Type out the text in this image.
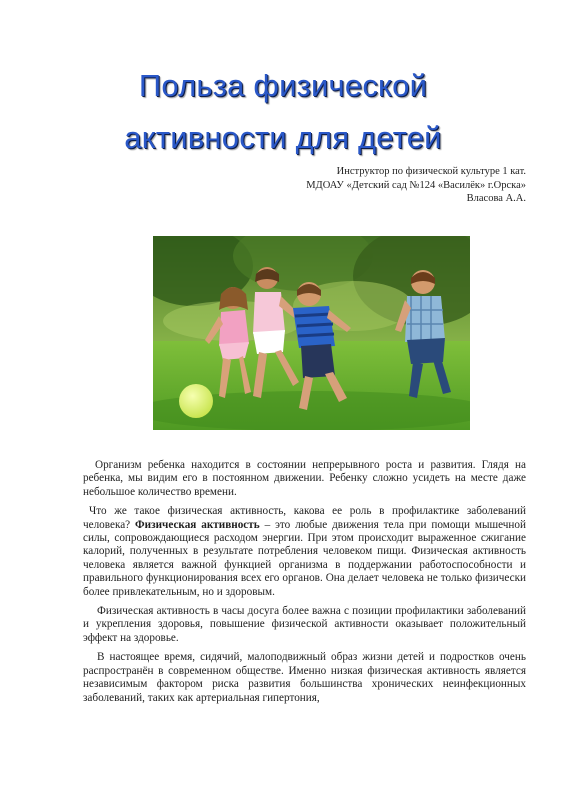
Польза физической
активности для детей
Инструктор по физической культуре 1 кат.
МДОАУ «Детский сад №124 «Василёк» г.Орска»
Власова А.А.

Организм ребенка находится в состоянии непрерывного роста и развития. Глядя на ребенка, мы видим его в постоянном движении. Ребенку сложно усидеть на месте даже небольшое количество времени.

Что же такое физическая активность, какова ее роль в профилактике заболеваний человека? Физическая активность – это любые движения тела при помощи мышечной силы, сопровождающиеся расходом энергии. При этом происходит выраженное сжигание калорий, полученных в результате потребления человеком пищи. Физическая активность человека является важной функцией организма в поддержании работоспособности и правильного функционирования всех его органов. Она делает человека не только физически более привлекательным, но и здоровым.

Физическая активность в часы досуга более важна с позиции профилактики заболеваний и укрепления здоровья, повышение физической активности оказывает положительный эффект на здоровье.

В настоящее время, сидячий, малоподвижный образ жизни детей и подростков очень распространён в современном обществе. Именно низкая физическая активность является независимым фактором риска развития большинства хронических неинфекционных заболеваний, таких как артериальная гипертония,
